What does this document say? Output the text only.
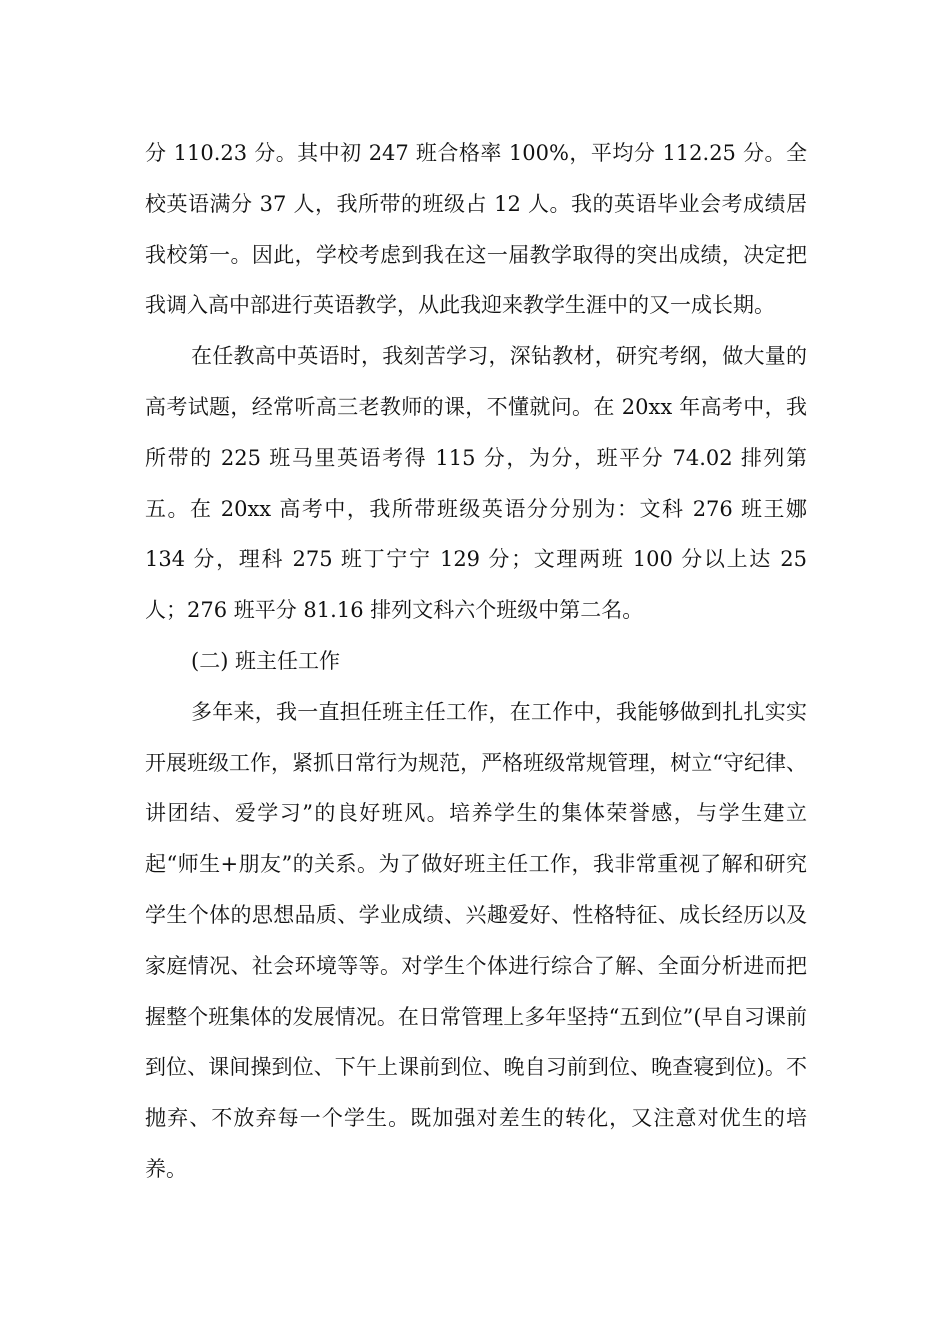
分 110.23 分。其中初 247 班合格率 100%，平均分 112.25 分。全校英语满分 37 人，我所带的班级占 12 人。我的英语毕业会考成绩居我校第一。因此，学校考虑到我在这一届教学取得的突出成绩，决定把我调入高中部进行英语教学，从此我迎来教学生涯中的又一成长期。

在任教高中英语时，我刻苦学习，深钻教材，研究考纲，做大量的高考试题，经常听高三老教师的课，不懂就问。在 20xx 年高考中，我所带的 225 班马里英语考得 115 分，为分，班平分 74.02 排列第五。在 20xx 高考中，我所带班级英语分分别为：文科 276 班王娜 134 分，理科 275 班丁宁宁 129 分；文理两班 100 分以上达 25 人；276 班平分 81.16 排列文科六个班级中第二名。

(二) 班主任工作

多年来，我一直担任班主任工作，在工作中，我能够做到扎扎实实开展班级工作，紧抓日常行为规范，严格班级常规管理，树立“守纪律、讲团结、爱学习”的良好班风。培养学生的集体荣誉感，与学生建立起“师生+朋友”的关系。为了做好班主任工作，我非常重视了解和研究学生个体的思想品质、学业成绩、兴趣爱好、性格特征、成长经历以及家庭情况、社会环境等等。对学生个体进行综合了解、全面分析进而把握整个班集体的发展情况。在日常管理上多年坚持“五到位”(早自习课前到位、课间操到位、下午上课前到位、晚自习前到位、晚查寝到位)。不抛弃、不放弃每一个学生。既加强对差生的转化，又注意对优生的培养。
